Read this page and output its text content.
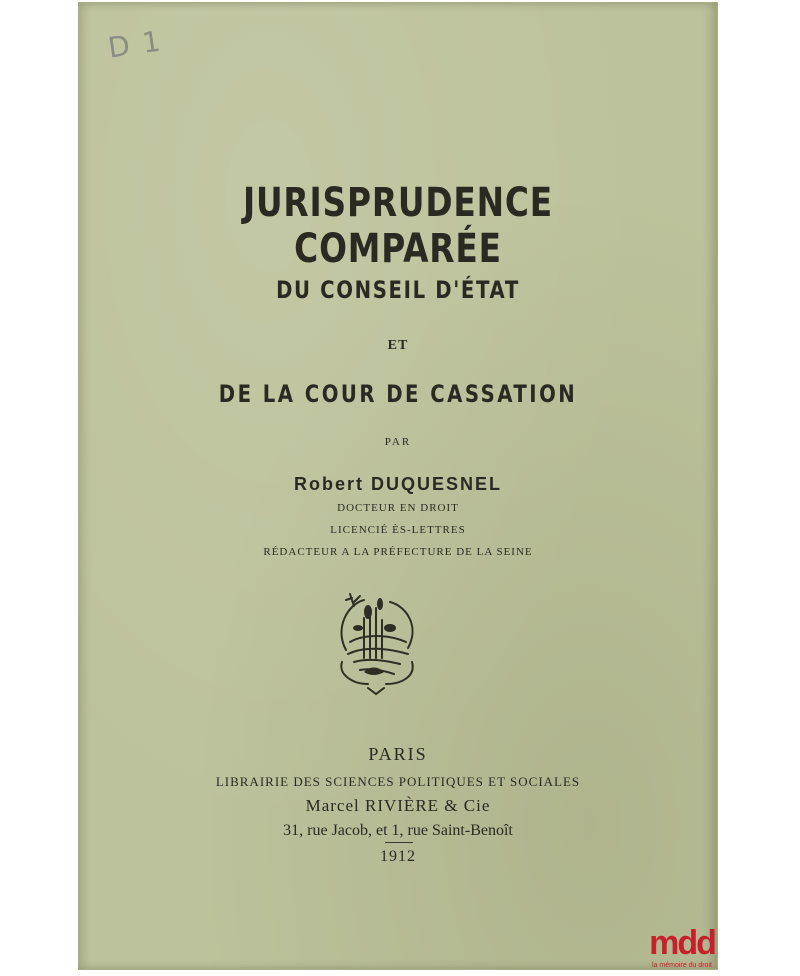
D 1
JURISPRUDENCE COMPARÉE
DU CONSEIL D'ÉTAT
ET
DE LA COUR DE CASSATION
PAR
Robert DUQUESNEL
DOCTEUR EN DROIT
LICENCIÉ ÈS-LETTRES
RÉDACTEUR A LA PRÉFECTURE DE LA SEINE
PARIS
LIBRAIRIE DES SCIENCES POLITIQUES ET SOCIALES
Marcel RIVIÈRE & Cie
31, rue Jacob, et 1, rue Saint-Benoît
1912
mdd
la mémoire du droit
